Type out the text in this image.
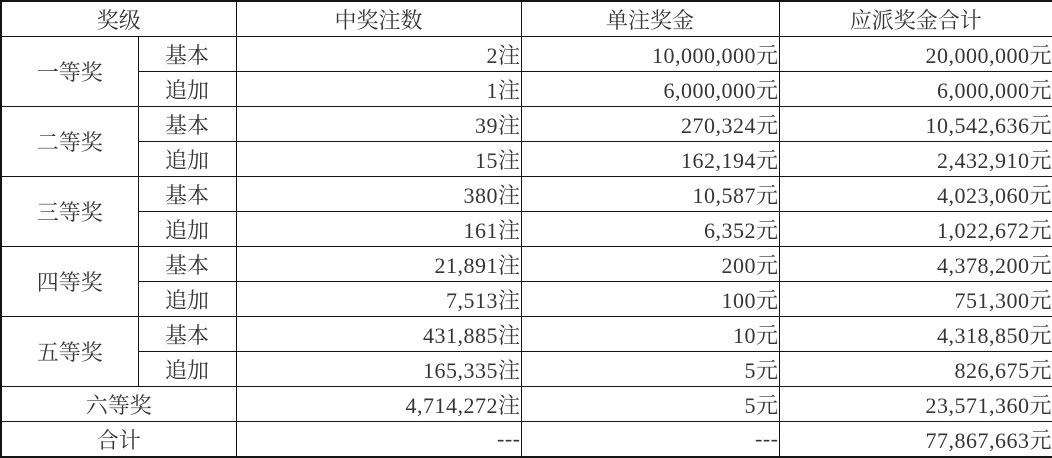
奖级		中奖注数	单注奖金	应派奖金合计
一等奖	基本	2注	10,000,000元	20,000,000元
	追加	1注	6,000,000元	6,000,000元
二等奖	基本	39注	270,324元	10,542,636元
	追加	15注	162,194元	2,432,910元
三等奖	基本	380注	10,587元	4,023,060元
	追加	161注	6,352元	1,022,672元
四等奖	基本	21,891注	200元	4,378,200元
	追加	7,513注	100元	751,300元
五等奖	基本	431,885注	10元	4,318,850元
	追加	165,335注	5元	826,675元
六等奖		4,714,272注	5元	23,571,360元
合计		---	---	77,867,663元
